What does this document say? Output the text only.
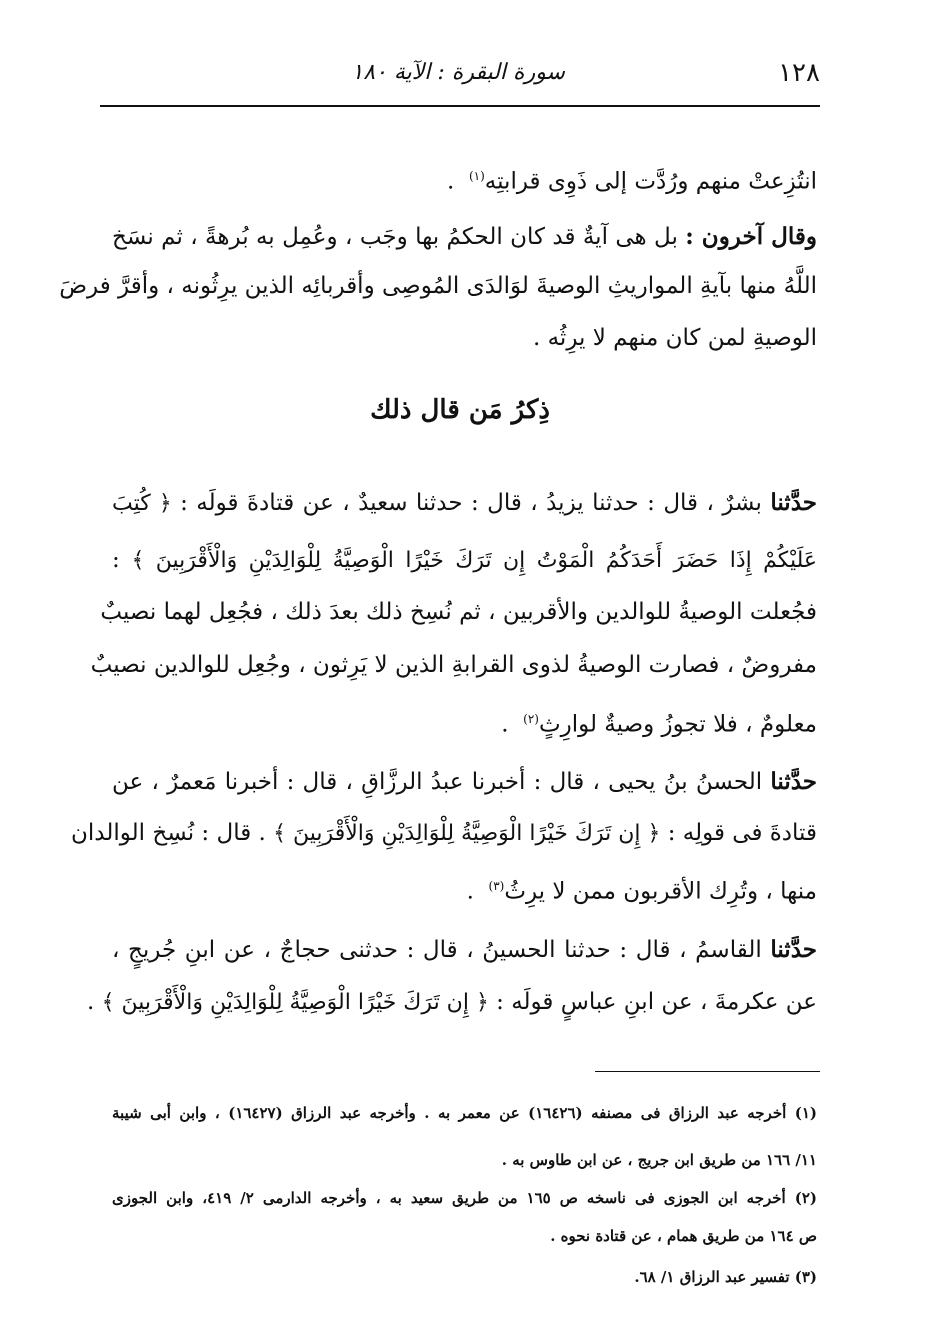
١٢٨
سورة البقرة : الآية ١٨٠
انتُزِعتْ منهم ورُدَّت إلى ذَوِى قرابتِه$^{(١)}$  .
وقال آخرون : بل هى آيةٌ قد كان الحكمُ بها وجَب ، وعُمِل به بُرهةً ، ثم نسَخ
اللَّهُ منها بآيةِ المواريثِ الوصيةَ لوَالدَى المُوصِى وأقربائِه الذين يرِثُونه ، وأقرَّ فرضَ
الوصيةِ لمن كان منهم لا يرِثُه .
ذِكرُ مَن قال ذلك
حدَّثنا بشرٌ ، قال : حدثنا يزيدُ ، قال : حدثنا سعيدٌ ، عن قتادةَ قولَه : ﴿ كُتِبَ
عَلَيْكُمْ إِذَا حَضَرَ أَحَدَكُمُ الْمَوْتُ إِن تَرَكَ خَيْرًا الْوَصِيَّةُ لِلْوَالِدَيْنِ وَالْأَقْرَبِينَ ﴾ :
فجُعلت الوصيةُ للوالدين والأقربين ، ثم نُسِخ ذلك بعدَ ذلك ، فجُعِل لهما نصيبٌ
مفروضٌ ، فصارت الوصيةُ لذوى القرابةِ الذين لا يَرِثون ، وجُعِل للوالدين نصيبٌ
معلومٌ ، فلا تجوزُ وصيةٌ لوارِثٍ$^{(٢)}$  .
حدَّثنا الحسنُ بنُ يحيى ، قال : أخبرنا عبدُ الرزَّاقِ ، قال : أخبرنا مَعمرٌ ، عن
قتادةَ فى قولِه : ﴿ إِن تَرَكَ خَيْرًا الْوَصِيَّةُ لِلْوَالِدَيْنِ وَالْأَقْرَبِينَ ﴾ . قال : نُسِخ الوالدان
منها ، وتُرِك الأقربون ممن لا يرِثُ$^{(٣)}$  .
حدَّثنا القاسمُ ، قال : حدثنا الحسينُ ، قال : حدثنى حجاجٌ ، عن ابنِ جُريجٍ ،
عن عكرمةَ ، عن ابنِ عباسٍ قولَه : ﴿ إِن تَرَكَ خَيْرًا الْوَصِيَّةُ لِلْوَالِدَيْنِ وَالْأَقْرَبِينَ ﴾ .
(١) أخرجه عبد الرزاق فى مصنفه (١٦٤٢٦) عن معمر به . وأخرجه عبد الرزاق (١٦٤٢٧) ، وابن أبى شيبة
١١/ ١٦٦ من طريق ابن جريج ، عن ابن طاوس به .
(٢) أخرجه ابن الجوزى فى ناسخه ص ١٦٥ من طريق سعيد به ، وأخرجه الدارمى ٢/ ٤١٩، وابن الجوزى
ص ١٦٤ من طريق همام ، عن قتادة نحوه .
(٣) تفسير عبد الرزاق ١/ ٦٨.
